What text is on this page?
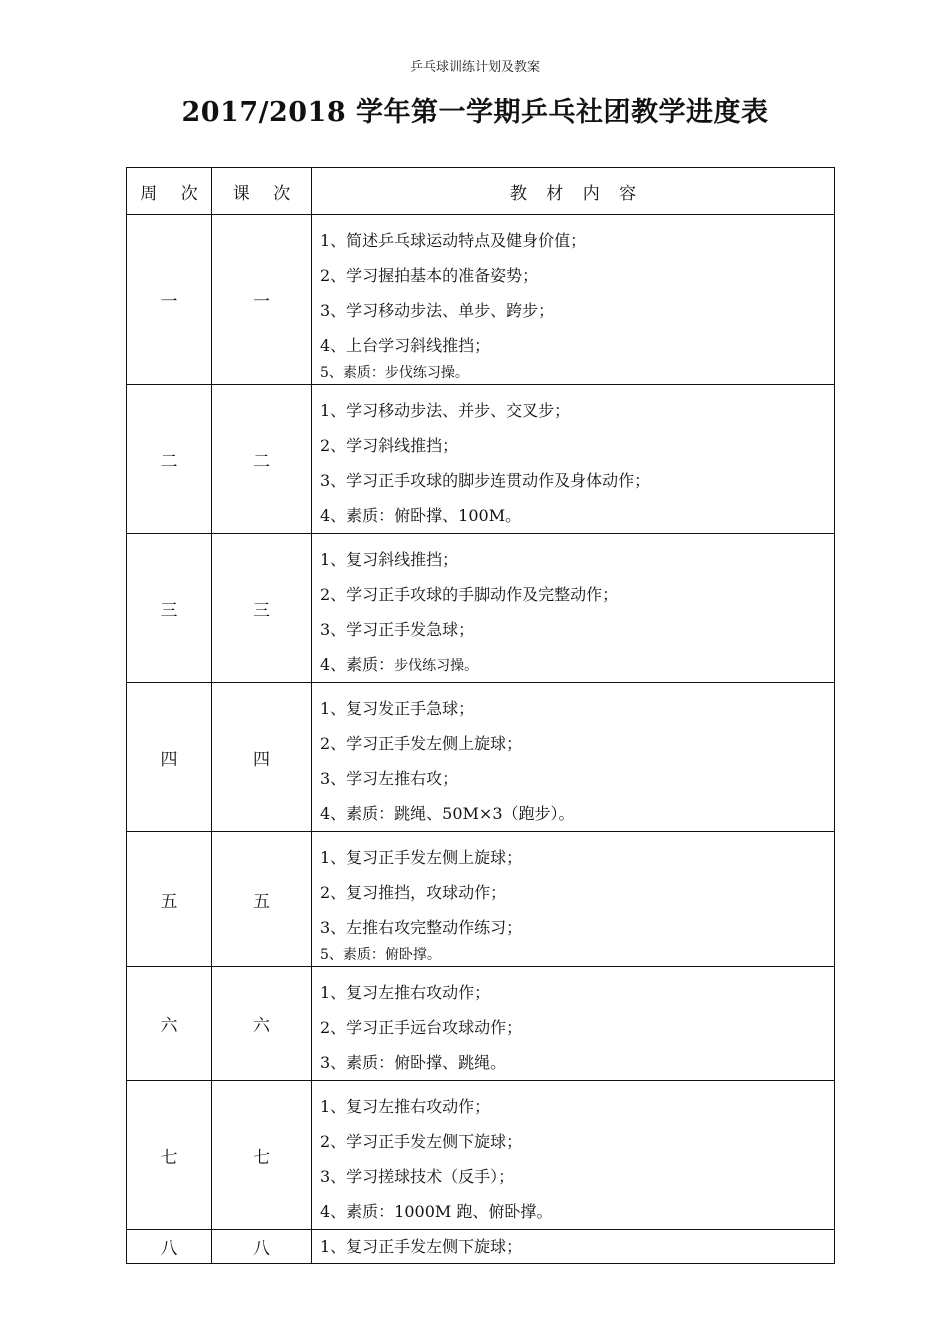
乒乓球训练计划及教案
2017/2018 学年第一学期乒乓社团教学进度表
周 次	课 次	教 材 内 容
一	一	1、简述乒乓球运动特点及健身价值；
2、学习握拍基本的准备姿势；
3、学习移动步法、单步、跨步；
4、上台学习斜线推挡；
5、素质：步伐练习操。

二	二	1、学习移动步法、并步、交叉步；
2、学习斜线推挡；
3、学习正手攻球的脚步连贯动作及身体动作；
4、素质：俯卧撑、100M。

三	三	1、复习斜线推挡；
2、学习正手攻球的手脚动作及完整动作；
3、学习正手发急球；
4、素质：步伐练习操。

四	四	1、复习发正手急球；
2、学习正手发左侧上旋球；
3、学习左推右攻；
4、素质：跳绳、50M×3（跑步）。

五	五	1、复习正手发左侧上旋球；
2、复习推挡，攻球动作；
3、左推右攻完整动作练习；
5、素质：俯卧撑。

六	六	1、复习左推右攻动作；
2、学习正手远台攻球动作；
3、素质：俯卧撑、跳绳。

七	七	1、复习左推右攻动作；
2、学习正手发左侧下旋球；
3、学习搓球技术（反手）；
4、素质：1000M 跑、俯卧撑。

八	八	1、复习正手发左侧下旋球；
